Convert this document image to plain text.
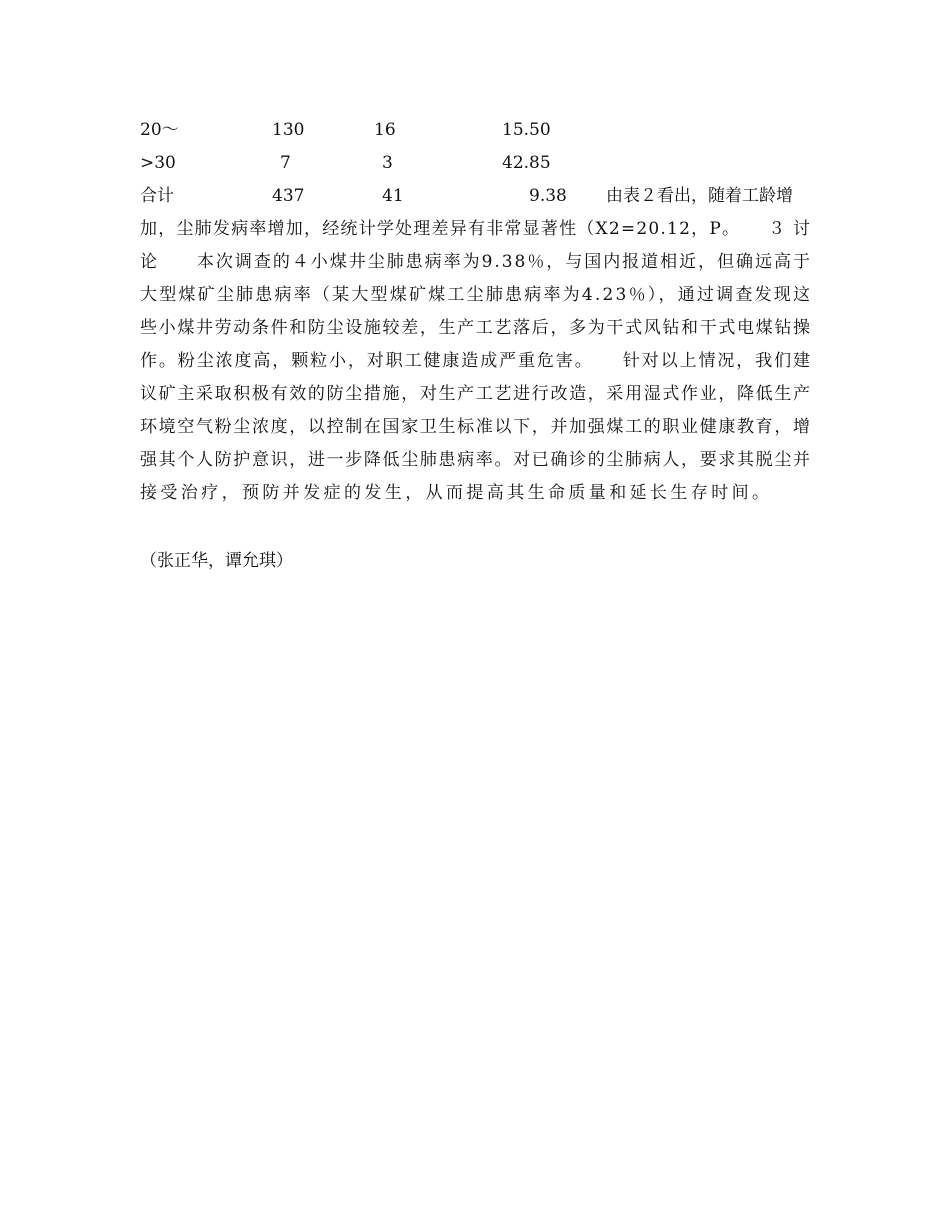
20～	130	16	15.50
>30	7	3	42.85
合计	437	41	9.38 由表２看出，随着工龄增
加，尘肺发病率增加，经统计学处理差异有非常显著性（X2=20.12，P。　　３ 讨
论　　本次调查的４小煤井尘肺患病率为9.38％，与国内报道相近，但确远高于
大型煤矿尘肺患病率（某大型煤矿煤工尘肺患病率为4.23％），通过调查发现这
些小煤井劳动条件和防尘设施较差，生产工艺落后，多为干式风钻和干式电煤钻操
作。粉尘浓度高，颗粒小，对职工健康造成严重危害。　　针对以上情况，我们建
议矿主采取积极有效的防尘措施，对生产工艺进行改造，采用湿式作业，降低生产
环境空气粉尘浓度，以控制在国家卫生标准以下，并加强煤工的职业健康教育，增
强其个人防护意识，进一步降低尘肺患病率。对已确诊的尘肺病人，要求其脱尘并
接受治疗，预防并发症的发生，从而提高其生命质量和延长生存时间。
（张正华，谭允琪）
